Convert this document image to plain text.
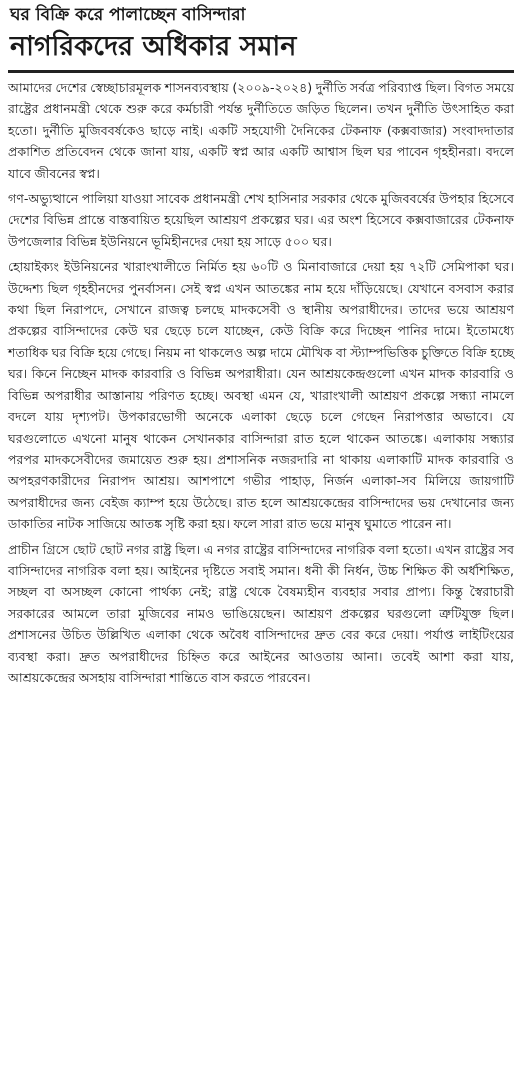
ঘর বিক্রি করে পালাচ্ছেন বাসিন্দারা
নাগরিকদের অধিকার সমান

আমাদের দেশের স্বেচ্ছাচারমূলক শাসনব্যবস্থায় (২০০৯-২০২৪) দুর্নীতি সর্বত্র পরিব্যাপ্ত ছিল। বিগত সময়ে রাষ্ট্রের প্রধানমন্ত্রী থেকে শুরু করে কর্মচারী পর্যন্ত দুর্নীতিতে জড়িত ছিলেন। তখন দুর্নীতি উৎসাহিত করা হতো। দুর্নীতি মুজিববর্ষকেও ছাড়ে নাই। একটি সহযোগী দৈনিকের টেকনাফ (কক্সবাজার) সংবাদদাতার প্রকাশিত প্রতিবেদন থেকে জানা যায়, একটি স্বপ্ন আর একটি আশ্বাস ছিল ঘর পাবেন গৃহহীনরা। বদলে যাবে জীবনের স্বপ্ন।

গণ-অভ্যুত্থানে পালিয়া যাওয়া সাবেক প্রধানমন্ত্রী শেখ হাসিনার সরকার থেকে মুজিববর্ষের উপহার হিসেবে দেশের বিভিন্ন প্রান্তে বাস্তবায়িত হয়েছিল আশ্রয়ণ প্রকল্পের ঘর। এর অংশ হিসেবে কক্সবাজারের টেকনাফ উপজেলার বিভিন্ন ইউনিয়নে ভূমিহীনদের দেয়া হয় সাড়ে ৫০০ ঘর।

হোয়াইক্যং ইউনিয়নের খারাংখালীতে নির্মিত হয় ৬০টি ও মিনাবাজারে দেয়া হয় ৭২টি সেমিপাকা ঘর। উদ্দেশ্য ছিল গৃহহীনদের পুনর্বাসন। সেই স্বপ্ন এখন আতঙ্কের নাম হয়ে দাঁড়িয়েছে। যেখানে বসবাস করার কথা ছিল নিরাপদে, সেখানে রাজত্ব চলছে মাদকসেবী ও স্থানীয় অপরাধীদের। তাদের ভয়ে আশ্রয়ণ প্রকল্পের বাসিন্দাদের কেউ ঘর ছেড়ে চলে যাচ্ছেন, কেউ বিক্রি করে দিচ্ছেন পানির দামে। ইতোমধ্যে শতাধিক ঘর বিক্রি হয়ে গেছে। নিয়ম না থাকলেও অল্প দামে মৌখিক বা স্ট্যাম্পভিত্তিক চুক্তিতে বিক্রি হচ্ছে ঘর। কিনে নিচ্ছেন মাদক কারবারি ও বিভিন্ন অপরাধীরা। যেন আশ্রয়কেন্দ্রগুলো এখন মাদক কারবারি ও বিভিন্ন অপরাধীর আস্তানায় পরিণত হচ্ছে। অবস্থা এমন যে, খারাংখালী আশ্রয়ণ প্রকল্পে সন্ধ্যা নামলে বদলে যায় দৃশ্যপট। উপকারভোগী অনেকে এলাকা ছেড়ে চলে গেছেন নিরাপত্তার অভাবে। যে ঘরগুলোতে এখনো মানুষ থাকেন সেখানকার বাসিন্দারা রাত হলে থাকেন আতঙ্কে। এলাকায় সন্ধ্যার পরপর মাদকসেবীদের জমায়েত শুরু হয়। প্রশাসনিক নজরদারি না থাকায় এলাকাটি মাদক কারবারি ও অপহরণকারীদের নিরাপদ আশ্রয়। আশপাশে গভীর পাহাড়, নির্জন এলাকা-সব মিলিয়ে জায়গাটি অপরাধীদের জন্য বেইজ ক্যাম্প হয়ে উঠেছে। রাত হলে আশ্রয়কেন্দ্রের বাসিন্দাদের ভয় দেখানোর জন্য ডাকাতির নাটক সাজিয়ে আতঙ্ক সৃষ্টি করা হয়। ফলে সারা রাত ভয়ে মানুষ ঘুমাতে পারেন না।

প্রাচীন গ্রিসে ছোট ছোট নগর রাষ্ট্র ছিল। এ নগর রাষ্ট্রের বাসিন্দাদের নাগরিক বলা হতো। এখন রাষ্ট্রের সব বাসিন্দাদের নাগরিক বলা হয়। আইনের দৃষ্টিতে সবাই সমান। ধনী কী নির্ধন, উচ্চ শিক্ষিত কী অর্ধশিক্ষিত, সচ্ছল বা অসচ্ছল কোনো পার্থক্য নেই; রাষ্ট্র থেকে বৈষম্যহীন ব্যবহার সবার প্রাপ্য। কিন্তু স্বৈরাচারী সরকারের আমলে তারা মুজিবের নামও ভাঙিয়েছেন। আশ্রয়ণ প্রকল্পের ঘরগুলো ত্রুটিযুক্ত ছিল। প্রশাসনের উচিত উল্লিখিত এলাকা থেকে অবৈধ বাসিন্দাদের দ্রুত বের করে দেয়া। পর্যাপ্ত লাইটিংয়ের ব্যবস্থা করা। দ্রুত অপরাধীদের চিহ্নিত করে আইনের আওতায় আনা। তবেই আশা করা যায়, আশ্রয়কেন্দ্রের অসহায় বাসিন্দারা শান্তিতে বাস করতে পারবেন।
